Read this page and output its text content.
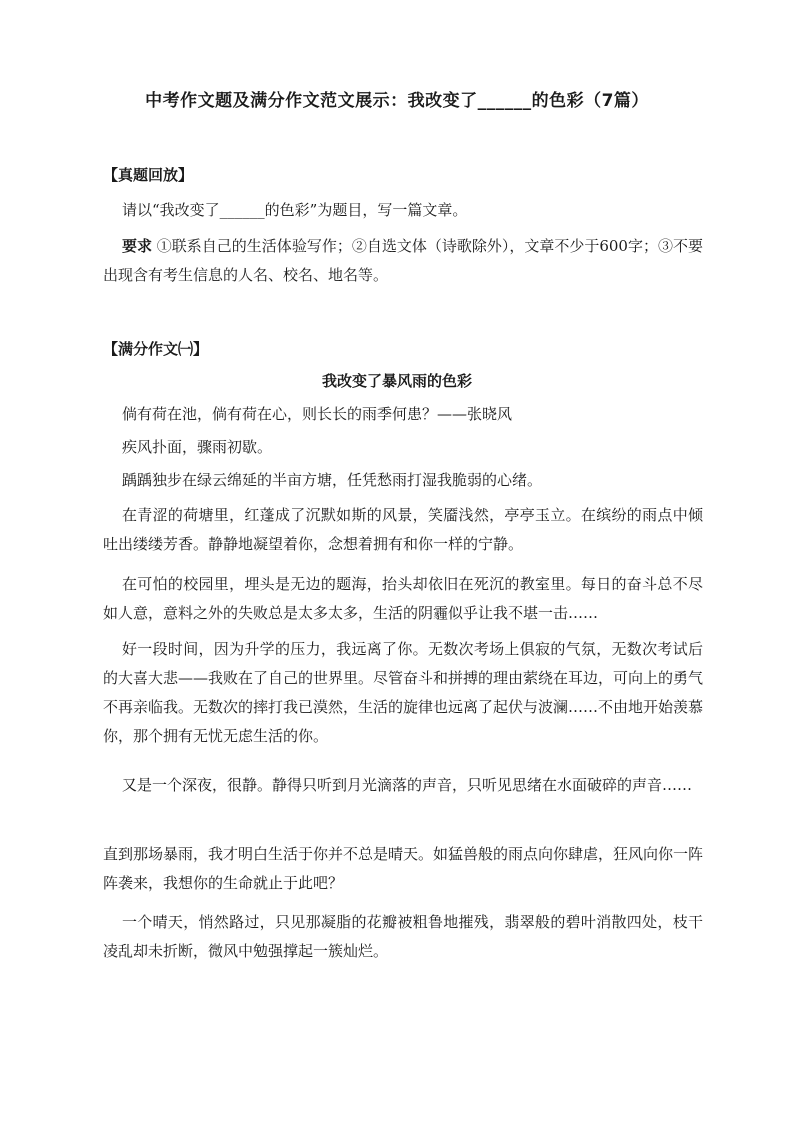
中考作文题及满分作文范文展示：我改变了______的色彩（7篇）
【真题回放】

请以“我改变了______的色彩”为题目，写一篇文章。

要求 ①联系自己的生活体验写作；②自选文体（诗歌除外），文章不少于600字；③不要出现含有考生信息的人名、校名、地名等。

【满分作文㈠】
我改变了暴风雨的色彩

倘有荷在池，倘有荷在心，则长长的雨季何患？——张晓风

疾风扑面，骤雨初歇。

踽踽独步在绿云绵延的半亩方塘，任凭愁雨打湿我脆弱的心绪。

在青涩的荷塘里，红蓬成了沉默如斯的风景，笑靥浅然，亭亭玉立。在缤纷的雨点中倾吐出缕缕芳香。静静地凝望着你，念想着拥有和你一样的宁静。

在可怕的校园里，埋头是无边的题海，抬头却依旧在死沉的教室里。每日的奋斗总不尽如人意，意料之外的失败总是太多太多，生活的阴霾似乎让我不堪一击……

好一段时间，因为升学的压力，我远离了你。无数次考场上俱寂的气氛，无数次考试后的大喜大悲——我败在了自己的世界里。尽管奋斗和拼搏的理由萦绕在耳边，可向上的勇气不再亲临我。无数次的摔打我已漠然，生活的旋律也远离了起伏与波澜……不由地开始羡慕你，那个拥有无忧无虑生活的你。

又是一个深夜，很静。静得只听到月光滴落的声音，只听见思绪在水面破碎的声音……

直到那场暴雨，我才明白生活于你并不总是晴天。如猛兽般的雨点向你肆虐，狂风向你一阵阵袭来，我想你的生命就止于此吧？

一个晴天，悄然路过，只见那凝脂的花瓣被粗鲁地摧残，翡翠般的碧叶消散四处，枝干凌乱却未折断，微风中勉强撑起一簇灿烂。
